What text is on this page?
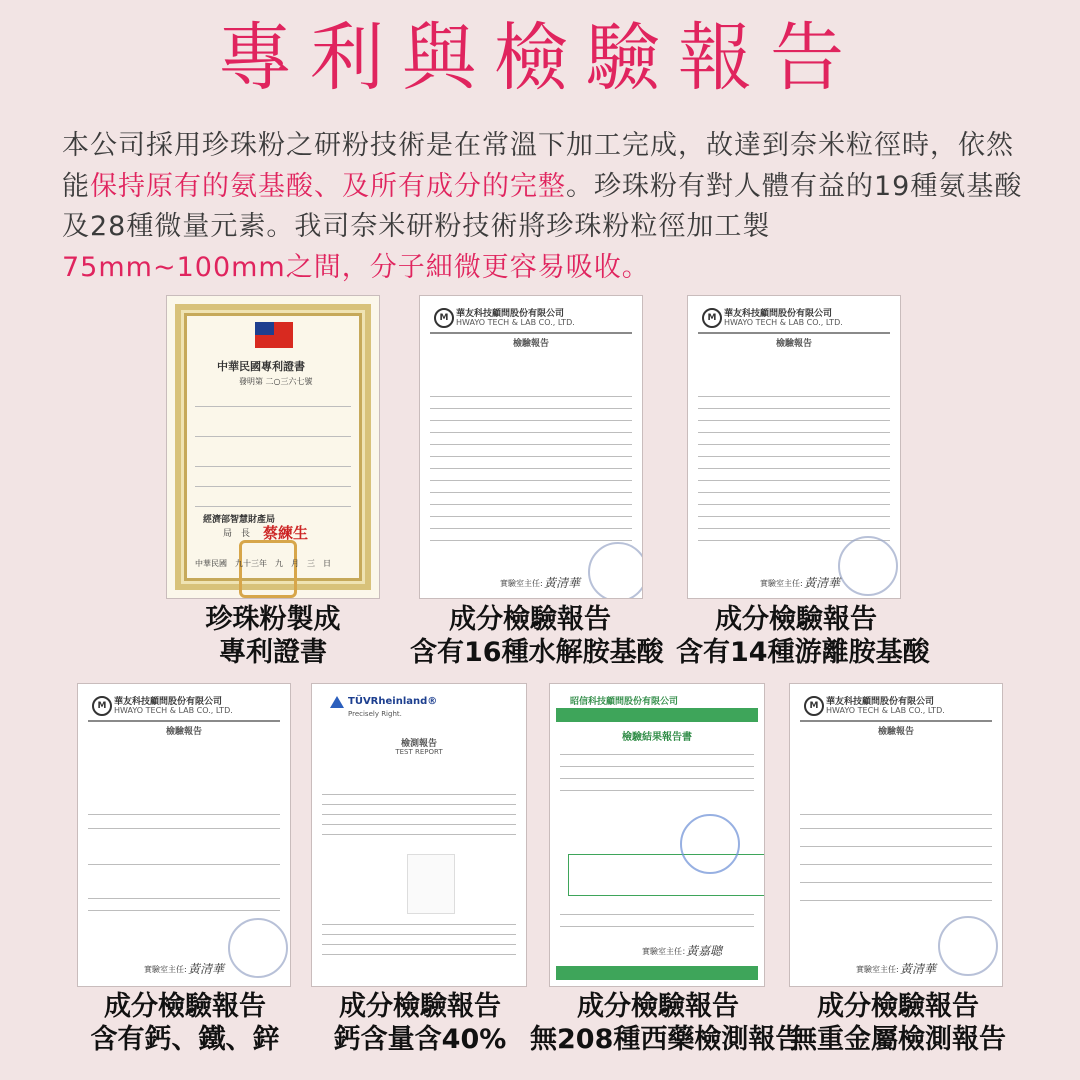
專利與檢驗報告
本公司採用珍珠粉之研粉技術是在常溫下加工完成，故達到奈米粒徑時，依然能保持原有的氨基酸、及所有成分的完整。珍珠粉有對人體有益的19種氨基酸及28種微量元素。我司奈米研粉技術將珍珠粉粒徑加工製
75mm~100mm之間，分子細微更容易吸收。
中華民國專利證書
發明第 二○三六七號
經濟部智慧財產局
局　長 蔡練生
中華民國　九十三年　九　月　三　日
M 華友科技顧問股份有限公司
HWAYO TECH & LAB CO., LTD.
檢驗報告
實驗室主任: 黃清華
M 華友科技顧問股份有限公司
HWAYO TECH & LAB CO., LTD.
檢驗報告
實驗室主任: 黃清華
M 華友科技顧問股份有限公司
HWAYO TECH & LAB CO., LTD.
檢驗報告
實驗室主任: 黃清華
TÜVRheinland®
Precisely Right.
檢測報告
TEST REPORT
昭信科技顧問股份有限公司
檢驗結果報告書
實驗室主任：
黃嘉聰
M 華友科技顧問股份有限公司
HWAYO TECH & LAB CO., LTD.
檢驗報告
實驗室主任: 黃清華
珍珠粉製成
專利證書
成分檢驗報告
含有16種水解胺基酸
成分檢驗報告
含有14種游離胺基酸
成分檢驗報告
含有鈣、鐵、鋅
成分檢驗報告
鈣含量含40%
成分檢驗報告
無208種西藥檢測報告
成分檢驗報告
無重金屬檢測報告
